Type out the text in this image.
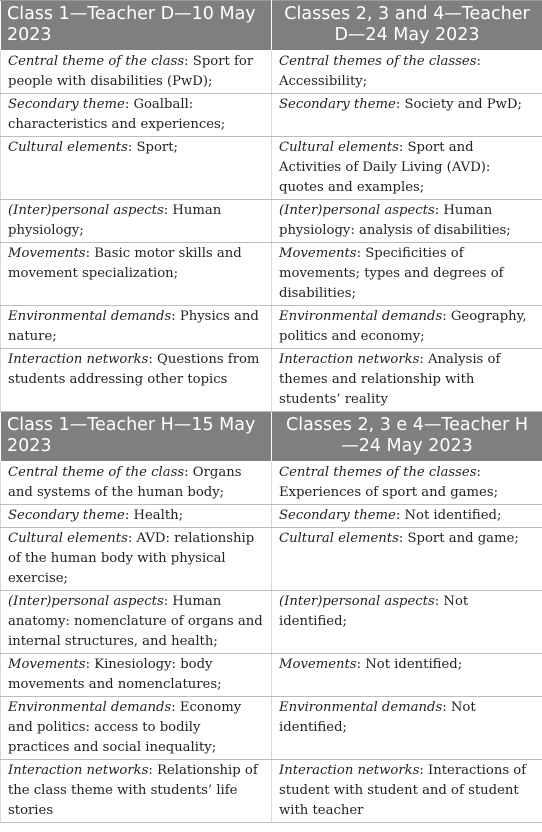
Class 1—Teacher D—10 May 2023	Classes 2, 3 and 4—Teacher D—24 May 2023
Central theme of the class: Sport for people with disabilities (PwD);	Central themes of the classes: Accessibility;
Secondary theme: Goalball: characteristics and experiences;	Secondary theme: Society and PwD;
Cultural elements: Sport;	Cultural elements: Sport and Activities of Daily Living (AVD): quotes and examples;
(Inter)personal aspects: Human physiology;	(Inter)personal aspects: Human physiology: analysis of disabilities;
Movements: Basic motor skills and movement specialization;	Movements: Specificities of movements; types and degrees of disabilities;
Environmental demands: Physics and nature;	Environmental demands: Geography, politics and economy;
Interaction networks: Questions from students addressing other topics	Interaction networks: Analysis of themes and relationship with students’ reality
Class 1—Teacher H—15 May 2023	Classes 2, 3 e 4—Teacher H—24 May 2023
Central theme of the class: Organs and systems of the human body;	Central themes of the classes: Experiences of sport and games;
Secondary theme: Health;	Secondary theme: Not identified;
Cultural elements: AVD: relationship of the human body with physical exercise;	Cultural elements: Sport and game;
(Inter)personal aspects: Human anatomy: nomenclature of organs and internal structures, and health;	(Inter)personal aspects: Not identified;
Movements: Kinesiology: body movements and nomenclatures;	Movements: Not identified;
Environmental demands: Economy and politics: access to bodily practices and social inequality;	Environmental demands: Not identified;
Interaction networks: Relationship of the class theme with students’ life stories	Interaction networks: Interactions of student with student and of student with teacher
